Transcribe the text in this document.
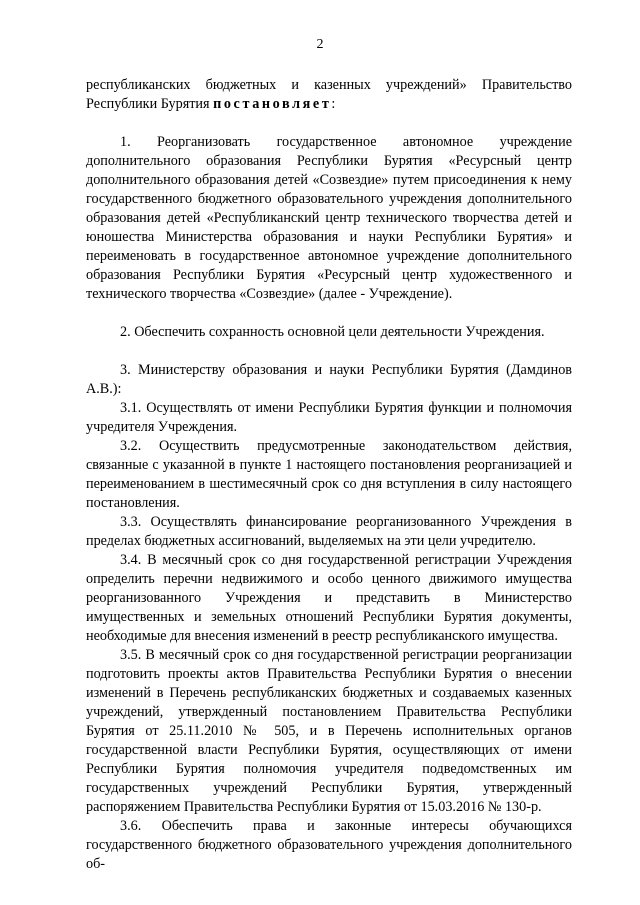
2

республиканских бюджетных и казенных учреждений» Правительство Республики Бурятия постановляет:

1. Реорганизовать государственное автономное учреждение дополнительного образования Республики Бурятия «Ресурсный центр дополнительного образования детей «Созвездие» путем присоединения к нему государственного бюджетного образовательного учреждения дополнительного образования детей «Республиканский центр технического творчества детей и юношества Министерства образования и науки Республики Бурятия» и переименовать в государственное автономное учреждение дополнительного образования Республики Бурятия «Ресурсный центр художественного и технического творчества «Созвездие» (далее - Учреждение).

2. Обеспечить сохранность основной цели деятельности Учреждения.

3. Министерству образования и науки Республики Бурятия (Дамдинов А.В.):

3.1. Осуществлять от имени Республики Бурятия функции и полномочия учредителя Учреждения.

3.2. Осуществить предусмотренные законодательством действия, связанные с указанной в пункте 1 настоящего постановления реорганизацией и переименованием в шестимесячный срок со дня вступления в силу настоящего постановления.

3.3. Осуществлять финансирование реорганизованного Учреждения в пределах бюджетных ассигнований, выделяемых на эти цели учредителю.

3.4. В месячный срок со дня государственной регистрации Учреждения определить перечни недвижимого и особо ценного движимого имущества реорганизованного Учреждения и представить в Министерство имущественных и земельных отношений Республики Бурятия документы, необходимые для внесения изменений в реестр республиканского имущества.

3.5. В месячный срок со дня государственной регистрации реорганизации подготовить проекты актов Правительства Республики Бурятия о внесении изменений в Перечень республиканских бюджетных и создаваемых казенных учреждений, утвержденный постановлением Правительства Республики Бурятия от 25.11.2010 № 505, и в Перечень исполнительных органов государственной власти Республики Бурятия, осуществляющих от имени Республики Бурятия полномочия учредителя подведомственных им государственных учреждений Республики Бурятия, утвержденный распоряжением Правительства Республики Бурятия от 15.03.2016 № 130-р.

3.6. Обеспечить права и законные интересы обучающихся государственного бюджетного образовательного учреждения дополнительного об-
